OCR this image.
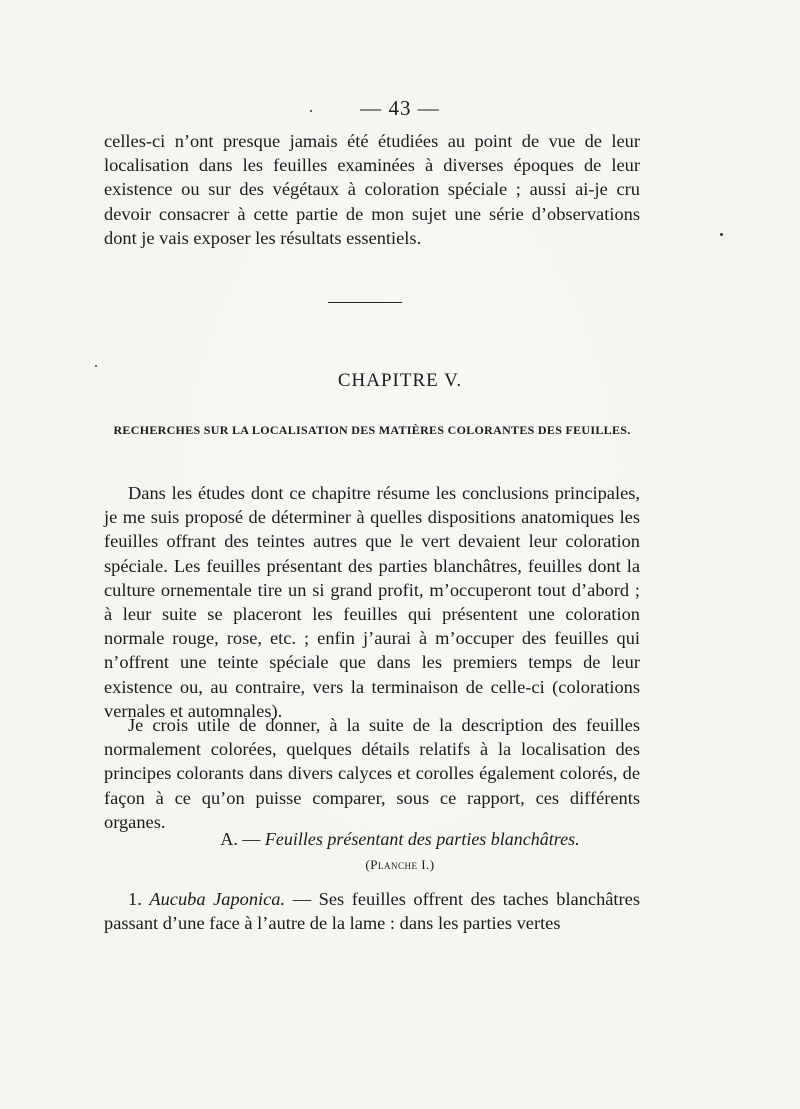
— 43 —
celles-ci n’ont presque jamais été étudiées au point de vue de leur localisation dans les feuilles examinées à diverses époques de leur existence ou sur des végétaux à coloration spéciale ; aussi ai-je cru devoir consacrer à cette partie de mon sujet une série d’observations dont je vais exposer les résultats essentiels.
CHAPITRE V.
RECHERCHES SUR LA LOCALISATION DES MATIÈRES COLORANTES DES FEUILLES.
Dans les études dont ce chapitre résume les conclusions principales, je me suis proposé de déterminer à quelles dispositions anatomiques les feuilles offrant des teintes autres que le vert devaient leur coloration spéciale. Les feuilles présentant des parties blanchâtres, feuilles dont la culture ornementale tire un si grand profit, m’occuperont tout d’abord ; à leur suite se placeront les feuilles qui présentent une coloration normale rouge, rose, etc. ; enfin j’aurai à m’occuper des feuilles qui n’offrent une teinte spéciale que dans les premiers temps de leur existence ou, au contraire, vers la terminaison de celle-ci (colorations vernales et automnales).
Je crois utile de donner, à la suite de la description des feuilles normalement colorées, quelques détails relatifs à la localisation des principes colorants dans divers calyces et corolles également colorés, de façon à ce qu’on puisse comparer, sous ce rapport, ces différents organes.
A. — Feuilles présentant des parties blanchâtres.
(Planche I.)
1. Aucuba Japonica. — Ses feuilles offrent des taches blanchâtres passant d’une face à l’autre de la lame : dans les parties vertes
